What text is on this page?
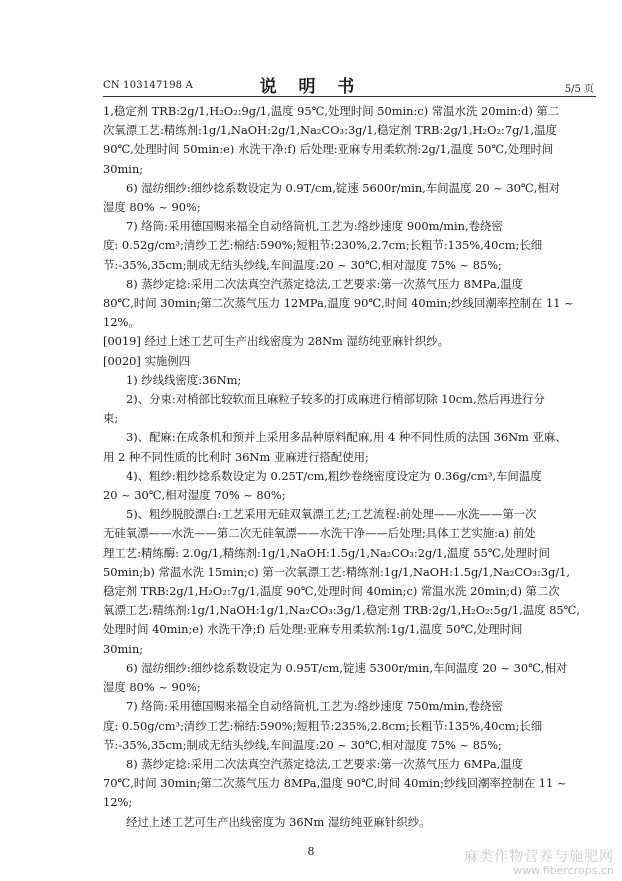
CN 103147198 A	说 明 书	5/5 页

1,稳定剂 TRB:2g/1,H₂O₂:9g/1,温度 95℃,处理时间 50min:c) 常温水洗 20min:d) 第二

次氧漂工艺:精练剂:1g/1,NaOH:2g/1,Na₂CO₃:3g/1,稳定剂 TRB:2g/1,H₂O₂:7g/1,温度

90℃,处理时间 50min:e) 水洗干净:f) 后处理:亚麻专用柔软剂:2g/1,温度 50℃,处理时间

30min;

6) 湿纺细纱:细纱捻系数设定为 0.9T/cm,锭速 5600r/min,车间温度 20 ~ 30℃,相对

湿度 80% ~ 90%;

7) 络筒:采用德国赐来福全自动络筒机,工艺为:络纱速度 900m/min,卷绕密

度: 0.52g/cm³;清纱工艺:棉结:590%;短粗节:230%,2.7cm;长粗节:135%,40cm;长细

节:-35%,35cm;制成无结头纱线,车间温度:20 ~ 30℃,相对湿度 75% ~ 85%;

8) 蒸纱定捻:采用二次法真空汽蒸定捻法,工艺要求:第一次蒸气压力 8MPa,温度

80℃,时间 30min;第二次蒸气压力 12MPa,温度 90℃,时间 40min;纱线回潮率控制在 11 ~

12%。

[0019] 经过上述工艺可生产出线密度为 28Nm 湿纺纯亚麻针织纱。

[0020] 实施例四

1) 纱线线密度:36Nm;

2)、分束:对梢部比较软而且麻粒子较多的打成麻进行梢部切除 10cm,然后再进行分

束;

3)、配麻:在成条机和预并上采用多品种原料配麻,用 4 种不同性质的法国 36Nm 亚麻、

用 2 种不同性质的比利时 36Nm 亚麻进行搭配使用;

4)、粗纱:粗纱捻系数设定为 0.25T/cm,粗纱卷绕密度设定为 0.36g/cm³,车间温度

20 ~ 30℃,相对湿度 70% ~ 80%;

5)、粗纱脱胶漂白:工艺采用无硅双氧漂工艺;工艺流程:前处理——水洗——第一次

无硅氧漂——水洗——第二次无硅氧漂——水洗干净——后处理;具体工艺实施:a) 前处

理工艺:精练酶: 2.0g/1,精练剂:1g/1,NaOH:1.5g/1,Na₂CO₃:2g/1,温度 55℃,处理时间

50min;b) 常温水洗 15min;c) 第一次氧漂工艺:精练剂:1g/1,NaOH:1.5g/1,Na₂CO₃:3g/1,

稳定剂 TRB:2g/1,H₂O₂:7g/1,温度 90℃,处理时间 40min;c) 常温水洗 20min;d) 第二次

氧漂工艺:精练剂:1g/1,NaOH:1g/1,Na₂CO₃:3g/1,稳定剂 TRB:2g/1,H₂O₂:5g/1,温度 85℃,

处理时间 40min;e) 水洗干净;f) 后处理:亚麻专用柔软剂:1g/1,温度 50℃,处理时间

30min;

6) 湿纺细纱:细纱捻系数设定为 0.95T/cm,锭速 5300r/min,车间温度 20 ~ 30℃,相对

湿度 80% ~ 90%;

7) 络筒:采用德国赐来福全自动络筒机,工艺为:络纱速度 750m/min,卷绕密

度: 0.50g/cm³;清纱工艺:棉结:590%;短粗节:235%,2.8cm;长粗节:135%,40cm;长细

节:-35%,35cm;制成无结头纱线,车间温度:20 ~ 30℃,相对湿度 75% ~ 85%;

8) 蒸纱定捻:采用二次法真空汽蒸定捻法,工艺要求:第一次蒸气压力 6MPa,温度

70℃,时间 30min;第二次蒸气压力 8MPa,温度 90℃,时间 40min;纱线回潮率控制在 11 ~

12%;

经过上述工艺可生产出线密度为 36Nm 湿纺纯亚麻针织纱。

8	麻类作物营养与施肥网
www.fibercrops.cn
